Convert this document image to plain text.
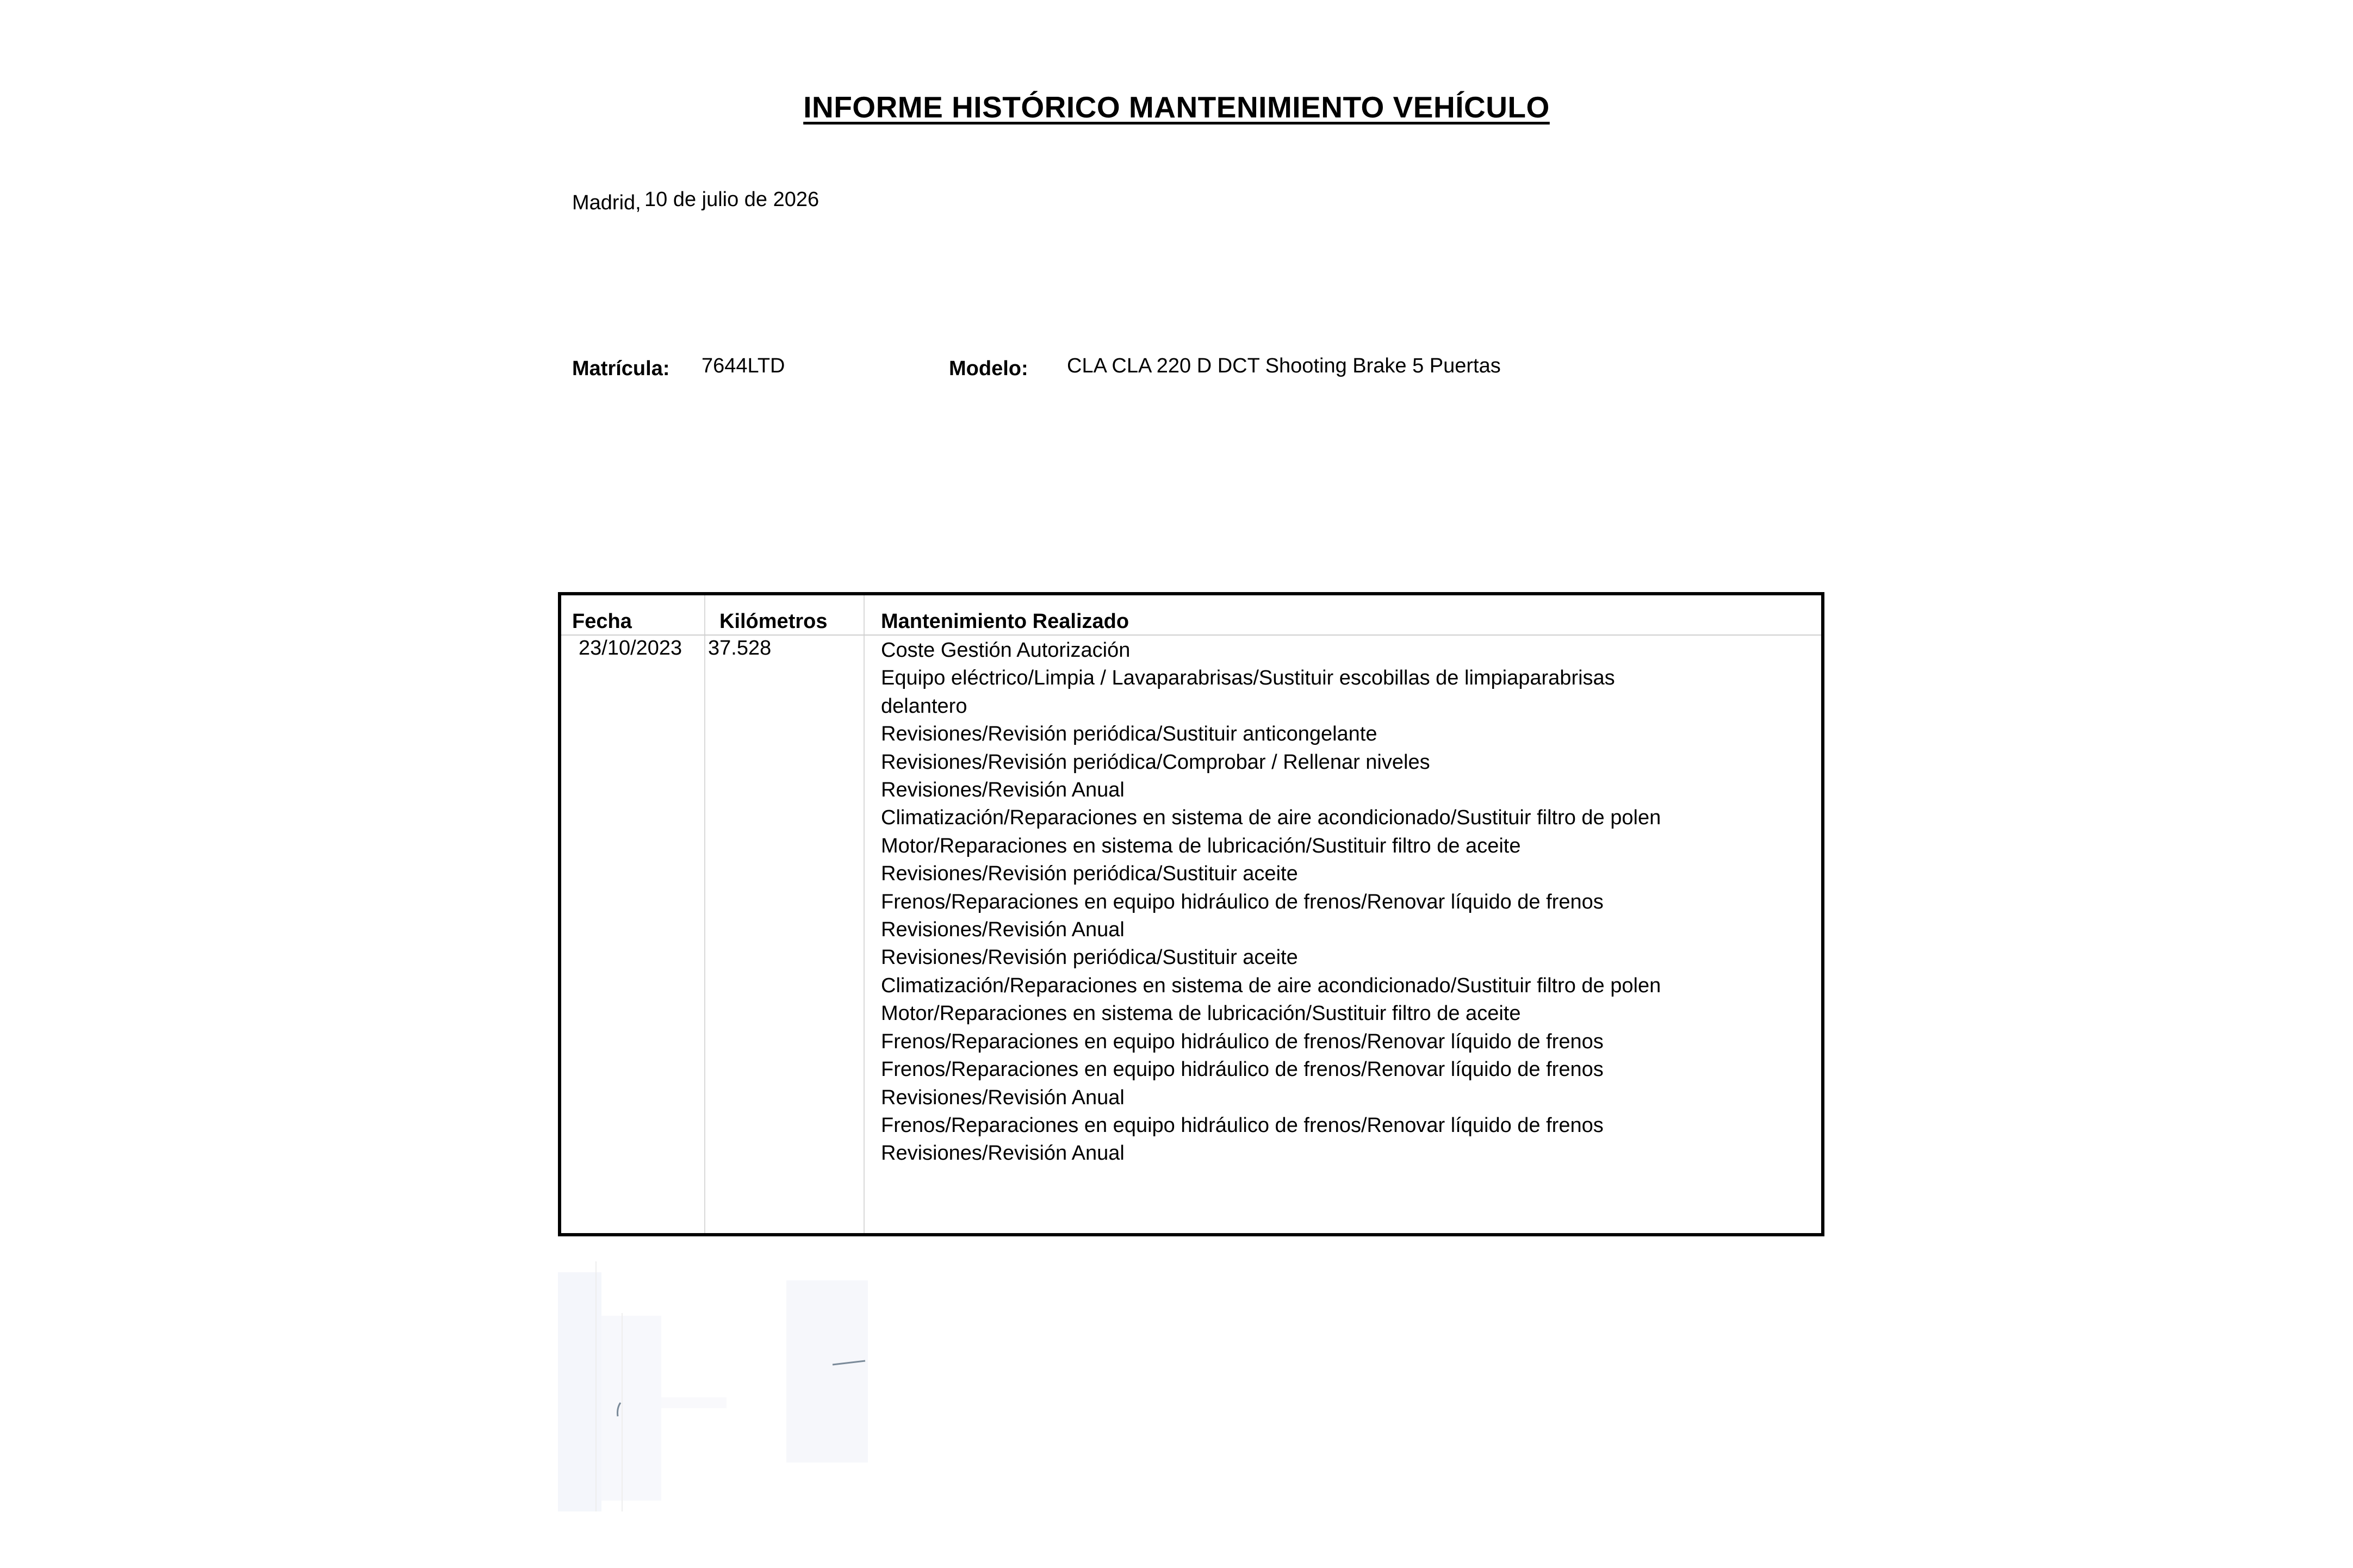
INFORME HISTÓRICO MANTENIMIENTO VEHÍCULO
Madrid, 10 de julio de 2026
Matrícula: 7644LTD	Modelo: CLA CLA 220 D DCT Shooting Brake 5 Puertas
Fecha	Kilómetros	Mantenimiento Realizado
23/10/2023 37.528	Coste Gestión Autorización
Equipo eléctrico/Limpia / Lavaparabrisas/Sustituir escobillas de limpiaparabrisas delantero
Revisiones/Revisión periódica/Sustituir anticongelante
Revisiones/Revisión periódica/Comprobar / Rellenar niveles
Revisiones/Revisión Anual
Climatización/Reparaciones en sistema de aire acondicionado/Sustituir filtro de polen
Motor/Reparaciones en sistema de lubricación/Sustituir filtro de aceite
Revisiones/Revisión periódica/Sustituir aceite
Frenos/Reparaciones en equipo hidráulico de frenos/Renovar líquido de frenos
Revisiones/Revisión Anual
Revisiones/Revisión periódica/Sustituir aceite
Climatización/Reparaciones en sistema de aire acondicionado/Sustituir filtro de polen
Motor/Reparaciones en sistema de lubricación/Sustituir filtro de aceite
Frenos/Reparaciones en equipo hidráulico de frenos/Renovar líquido de frenos
Frenos/Reparaciones en equipo hidráulico de frenos/Renovar líquido de frenos
Revisiones/Revisión Anual
Frenos/Reparaciones en equipo hidráulico de frenos/Renovar líquido de frenos
Revisiones/Revisión Anual
